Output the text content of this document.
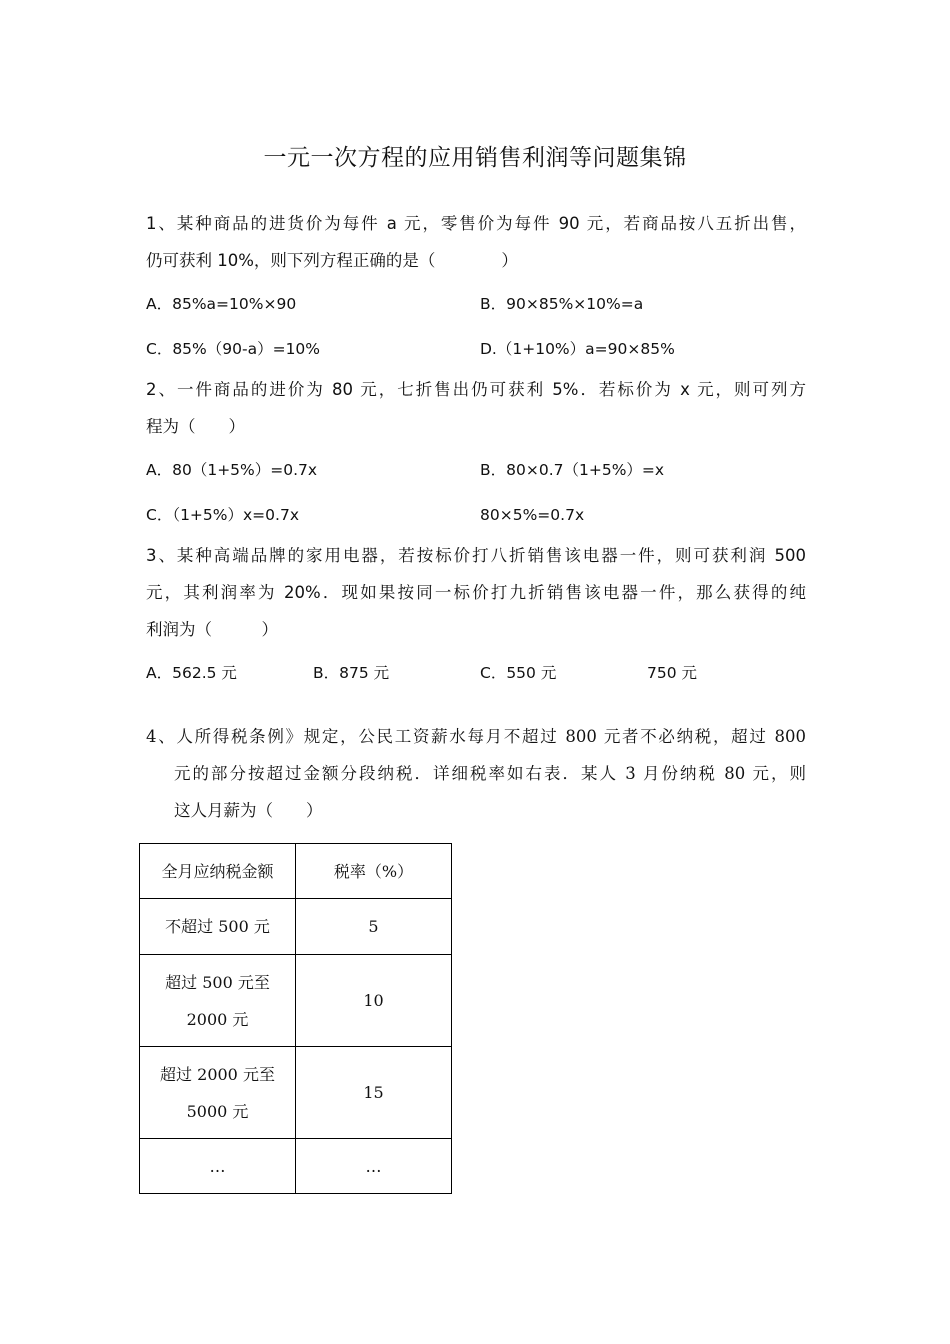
一元一次方程的应用销售利润等问题集锦
1、某种商品的进货价为每件 a 元，零售价为每件 90 元，若商品按八五折出售，
仍可获利 10%，则下列方程正确的是（　　　　）
A．85%a=10%×90	B．90×85%×10%=a
C．85%（90-a）=10%	D.（1+10%）a=90×85%
2、一件商品的进价为 80 元，七折售出仍可获利 5%．若标价为 x 元，则可列方
程为（　　）
A．80（1+5%）=0.7x	B．80×0.7（1+5%）=x
C．（1+5%）x=0.7x	80×5%=0.7x
3、某种高端品牌的家用电器，若按标价打八折销售该电器一件，则可获利润 500
元，其利润率为 20%．现如果按同一标价打九折销售该电器一件，那么获得的纯
利润为（　　　）
A．562.5 元	B．875 元	C．550 元	750 元
4、人所得税条例》规定，公民工资薪水每月不超过 800 元者不必纳税，超过 800
元的部分按超过金额分段纳税．详细税率如右表．某人 3 月份纳税 80 元，则
这人月薪为（　　）
全月应纳税金额	税率（%）
不超过 500 元	5

超过 500 元至
2000 元	10

超过 2000 元至
5000 元	15
…	…
